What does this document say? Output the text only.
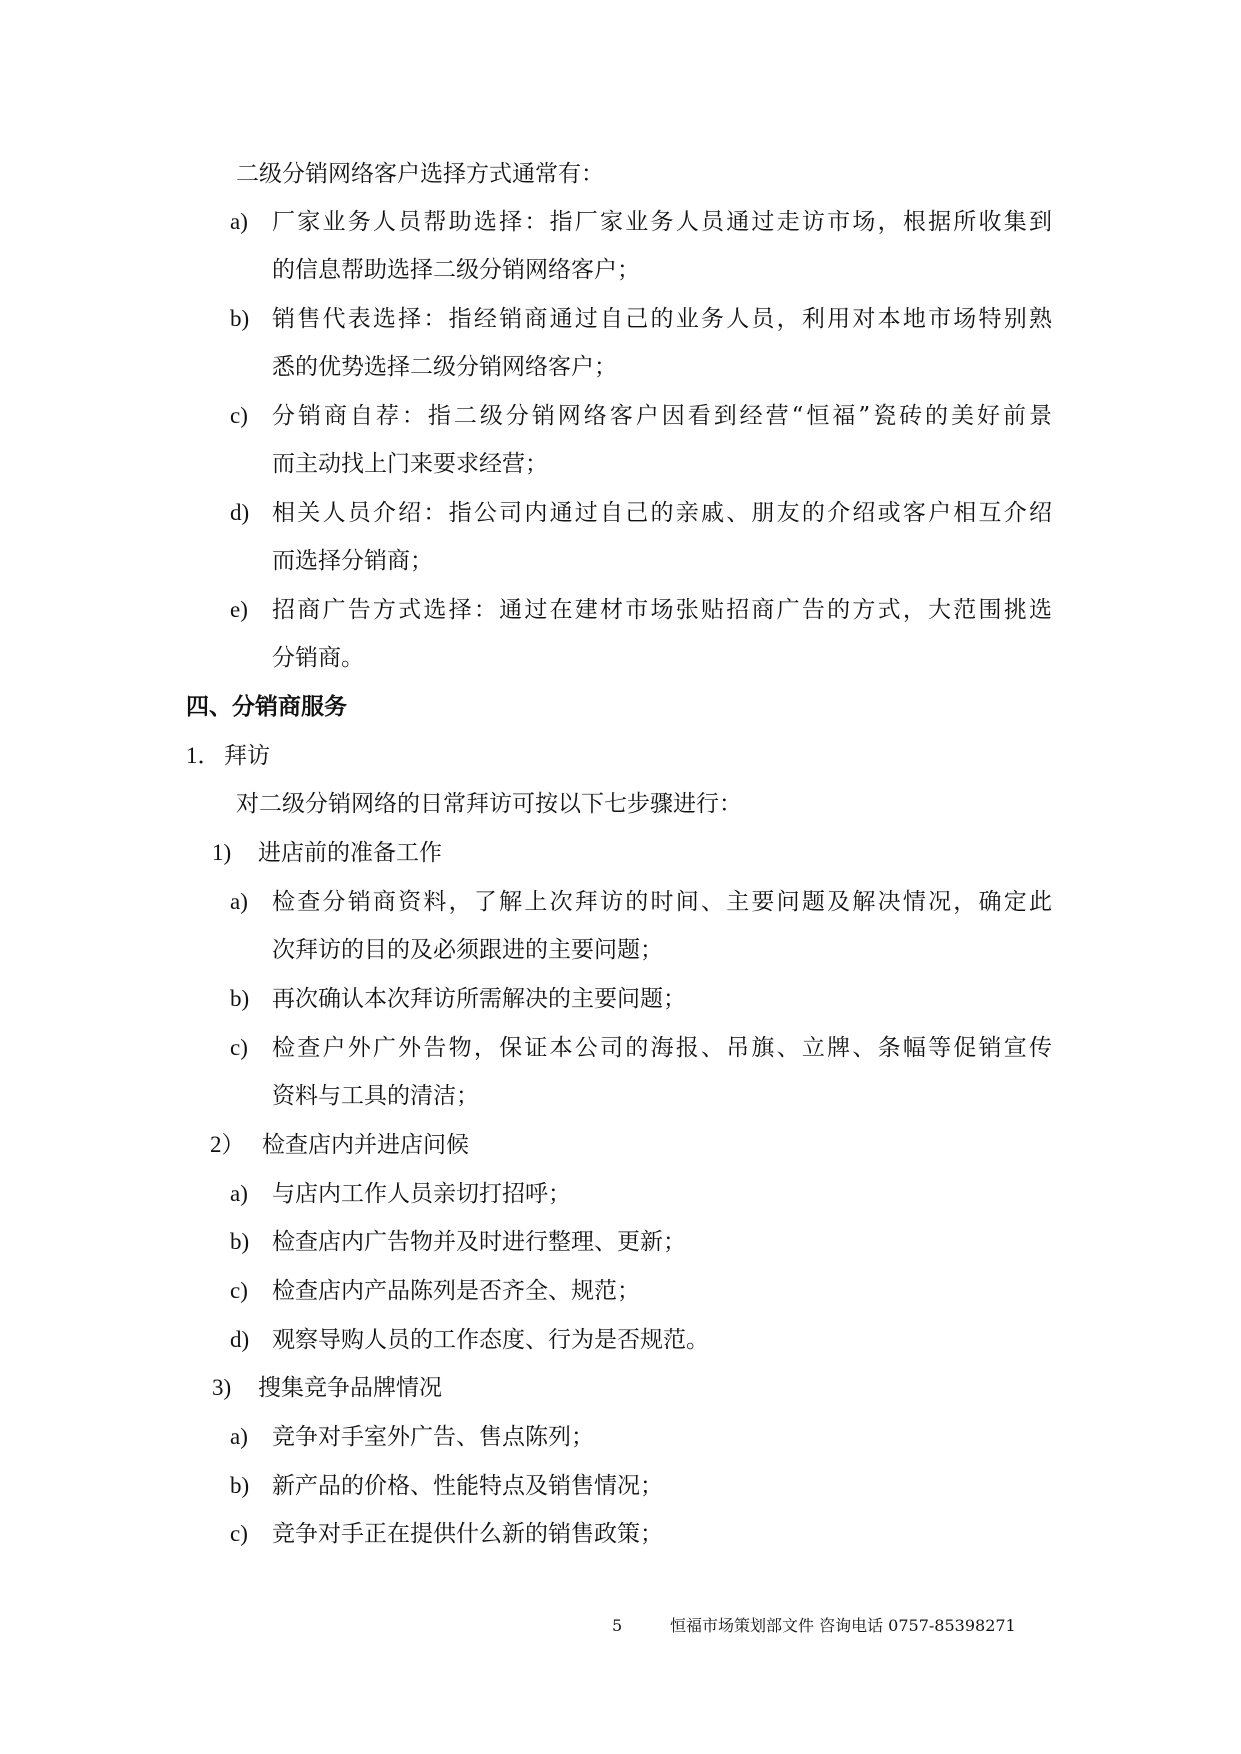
二级分销网络客户选择方式通常有：
a) 厂家业务人员帮助选择：指厂家业务人员通过走访市场，根据所收集到
的信息帮助选择二级分销网络客户；
b) 销售代表选择：指经销商通过自己的业务人员，利用对本地市场特别熟
悉的优势选择二级分销网络客户；
c) 分销商自荐：指二级分销网络客户因看到经营“恒福”瓷砖的美好前景
而主动找上门来要求经营；
d) 相关人员介绍：指公司内通过自己的亲戚、朋友的介绍或客户相互介绍
而选择分销商；
e) 招商广告方式选择：通过在建材市场张贴招商广告的方式，大范围挑选
分销商。
四、分销商服务
1． 拜访
对二级分销网络的日常拜访可按以下七步骤进行：
1) 进店前的准备工作
a) 检查分销商资料，了解上次拜访的时间、主要问题及解决情况，确定此
次拜访的目的及必须跟进的主要问题；
b) 再次确认本次拜访所需解决的主要问题；
c) 检查户外广外告物，保证本公司的海报、吊旗、立牌、条幅等促销宣传
资料与工具的清洁；
2） 检查店内并进店问候
a) 与店内工作人员亲切打招呼；
b) 检查店内广告物并及时进行整理、更新；
c) 检查店内产品陈列是否齐全、规范；
d) 观察导购人员的工作态度、行为是否规范。
3) 搜集竞争品牌情况
a) 竞争对手室外广告、售点陈列；
b) 新产品的价格、性能特点及销售情况；
c) 竞争对手正在提供什么新的销售政策；
5	恒福市场策划部文件 咨询电话 0757-85398271
